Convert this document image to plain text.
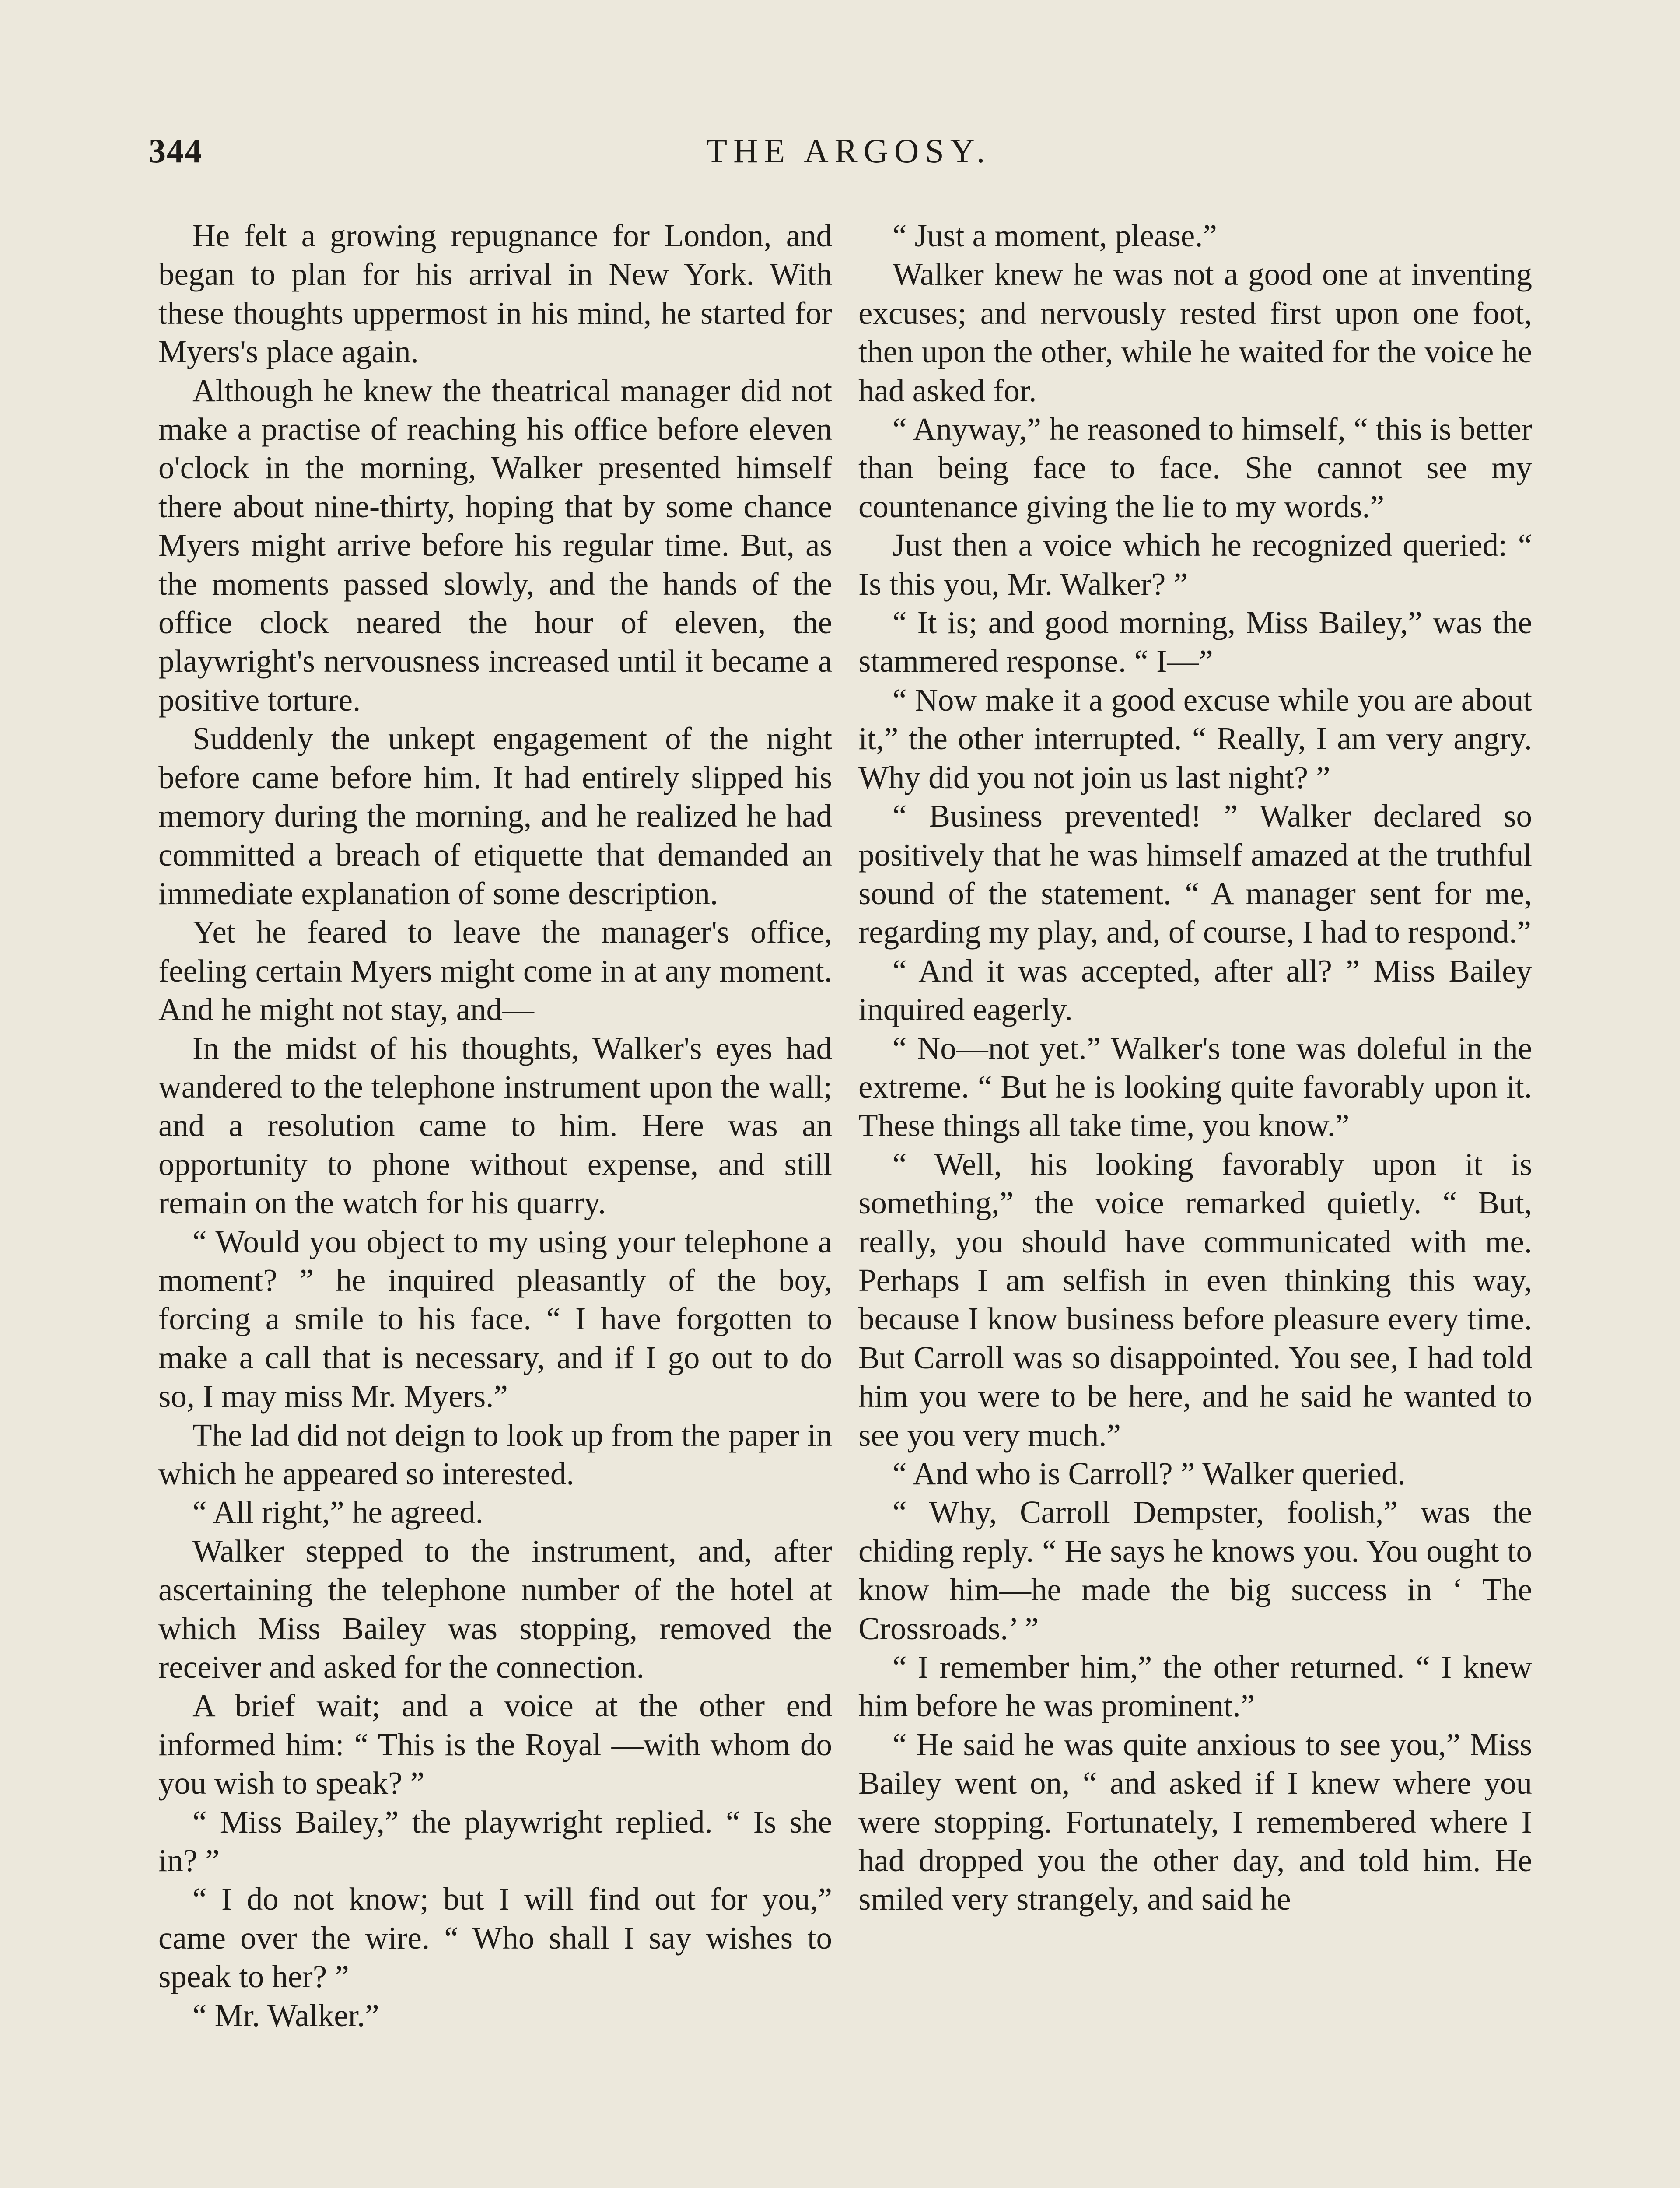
344	THE ARGOSY.

He felt a growing repugnance for London, and began to plan for his arrival in New York. With these thoughts uppermost in his mind, he started for Myers's place again.

Although he knew the theatrical manager did not make a practise of reaching his office before eleven o'clock in the morning, Walker presented himself there about nine-thirty, hoping that by some chance Myers might arrive before his regular time. But, as the moments passed slowly, and the hands of the office clock neared the hour of eleven, the playwright's nervousness increased until it became a positive torture.

Suddenly the unkept engagement of the night before came before him. It had entirely slipped his memory during the morning, and he realized he had committed a breach of etiquette that demanded an immediate explanation of some description.

Yet he feared to leave the manager's office, feeling certain Myers might come in at any moment. And he might not stay, and—

In the midst of his thoughts, Walker's eyes had wandered to the telephone instrument upon the wall; and a resolution came to him. Here was an opportunity to phone without expense, and still remain on the watch for his quarry.

“ Would you object to my using your telephone a moment? ” he inquired pleasantly of the boy, forcing a smile to his face. “ I have forgotten to make a call that is necessary, and if I go out to do so, I may miss Mr. Myers.”

The lad did not deign to look up from the paper in which he appeared so interested.

“ All right,” he agreed.

Walker stepped to the instrument, and, after ascertaining the telephone number of the hotel at which Miss Bailey was stopping, removed the receiver and asked for the connection.

A brief wait; and a voice at the other end informed him: “ This is the Royal —with whom do you wish to speak? ”

“ Miss Bailey,” the playwright replied. “ Is she in? ”

“ I do not know; but I will find out for you,” came over the wire. “ Who shall I say wishes to speak to her? ”

“ Mr. Walker.”

“ Just a moment, please.”

Walker knew he was not a good one at inventing excuses; and nervously rested first upon one foot, then upon the other, while he waited for the voice he had asked for.

“ Anyway,” he reasoned to himself, “ this is better than being face to face. She cannot see my countenance giving the lie to my words.”

Just then a voice which he recognized queried: “ Is this you, Mr. Walker? ”

“ It is; and good morning, Miss Bailey,” was the stammered response. “ I—”

“ Now make it a good excuse while you are about it,” the other interrupted. “ Really, I am very angry. Why did you not join us last night? ”

“ Business prevented! ” Walker declared so positively that he was himself amazed at the truthful sound of the statement. “ A manager sent for me, regarding my play, and, of course, I had to respond.”

“ And it was accepted, after all? ” Miss Bailey inquired eagerly.

“ No—not yet.” Walker's tone was doleful in the extreme. “ But he is looking quite favorably upon it. These things all take time, you know.”

“ Well, his looking favorably upon it is something,” the voice remarked quietly. “ But, really, you should have communicated with me. Perhaps I am selfish in even thinking this way, because I know business before pleasure every time. But Carroll was so disappointed. You see, I had told him you were to be here, and he said he wanted to see you very much.”

“ And who is Carroll? ” Walker queried.

“ Why, Carroll Dempster, foolish,” was the chiding reply. “ He says he knows you. You ought to know him—he made the big success in ‘ The Crossroads.’ ”

“ I remember him,” the other returned. “ I knew him before he was prominent.”

“ He said he was quite anxious to see you,” Miss Bailey went on, “ and asked if I knew where you were stopping. Fortunately, I remembered where I had dropped you the other day, and told him. He smiled very strangely, and said he
